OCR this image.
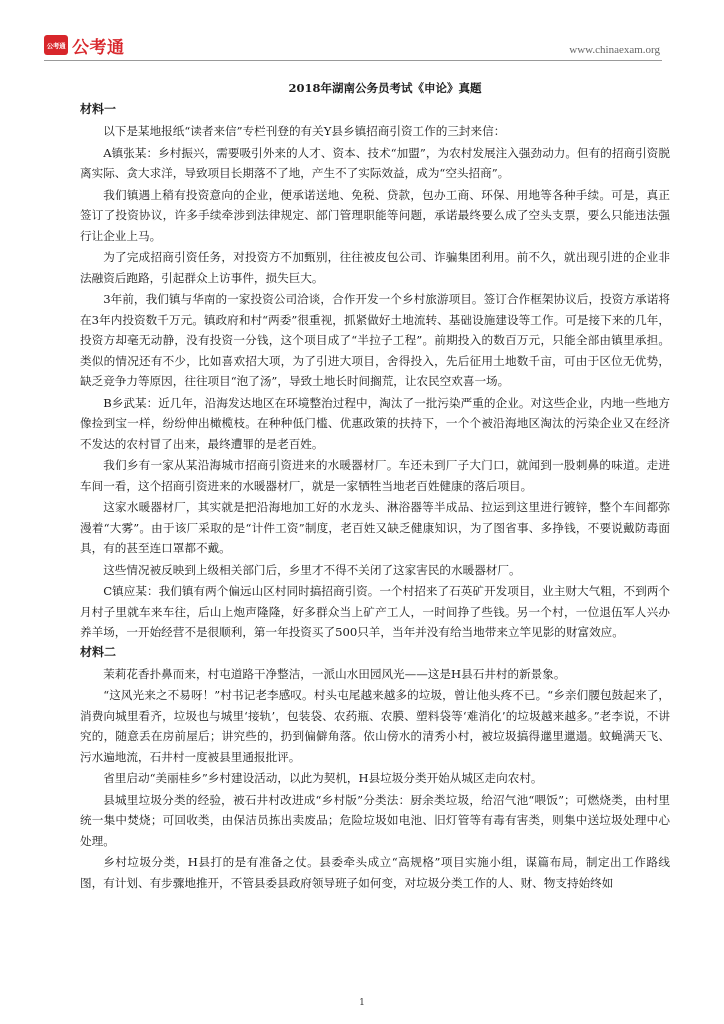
公考通 公考通	www.chinaexam.org
2018年湖南公务员考试《申论》真题
材料一

以下是某地报纸“读者来信”专栏刊登的有关Y县乡镇招商引资工作的三封来信：

A镇张某：乡村振兴，需要吸引外来的人才、资本、技术“加盟”，为农村发展注入强劲动力。但有的招商引资脱离实际、贪大求洋，导致项目长期落不了地，产生不了实际效益，成为“空头招商”。

我们镇遇上稍有投资意向的企业，便承诺送地、免税、贷款，包办工商、环保、用地等各种手续。可是，真正签订了投资协议，许多手续牵涉到法律规定、部门管理职能等问题，承诺最终要么成了空头支票，要么只能违法强行让企业上马。

为了完成招商引资任务，对投资方不加甄别，往往被皮包公司、诈骗集团利用。前不久，就出现引进的企业非法融资后跑路，引起群众上访事件，损失巨大。

3年前，我们镇与华南的一家投资公司洽谈，合作开发一个乡村旅游项目。签订合作框架协议后，投资方承诺将在3年内投资数千万元。镇政府和村“两委”很重视，抓紧做好土地流转、基础设施建设等工作。可是接下来的几年，投资方却毫无动静，没有投资一分钱，这个项目成了“半拉子工程”。前期投入的数百万元，只能全部由镇里承担。类似的情况还有不少，比如喜欢招大项，为了引进大项目，舍得投入，先后征用土地数千亩，可由于区位无优势，缺乏竞争力等原因，往往项目“泡了汤”，导致土地长时间搁荒，让农民空欢喜一场。

B乡武某：近几年，沿海发达地区在环境整治过程中，淘汰了一批污染严重的企业。对这些企业，内地一些地方像捡到宝一样，纷纷伸出橄榄枝。在种种低门槛、优惠政策的扶持下，一个个被沿海地区淘汰的污染企业又在经济不发达的农村冒了出来，最终遭罪的是老百姓。

我们乡有一家从某沿海城市招商引资进来的水暖器材厂。车还未到厂子大门口，就闻到一股刺鼻的味道。走进车间一看，这个招商引资进来的水暖器材厂，就是一家牺牲当地老百姓健康的落后项目。

这家水暖器材厂，其实就是把沿海地加工好的水龙头、淋浴器等半成品、拉运到这里进行镀锌，整个车间都弥漫着“大雾”。由于该厂采取的是“计件工资”制度，老百姓又缺乏健康知识，为了图省事、多挣钱，不要说戴防毒面具，有的甚至连口罩都不戴。

这些情况被反映到上级相关部门后，乡里才不得不关闭了这家害民的水暖器材厂。

C镇应某：我们镇有两个偏远山区村同时搞招商引资。一个村招来了石英矿开发项目，业主财大气粗，不到两个月村子里就车来车往，后山上炮声隆隆，好多群众当上矿产工人，一时间挣了些钱。另一个村，一位退伍军人兴办养羊场，一开始经营不是很顺利，第一年投资买了500只羊，当年并没有给当地带来立竿见影的财富效应。

材料二

茉莉花香扑鼻而来，村屯道路干净整洁，一派山水田园风光——这是H县石井村的新景象。

“这风光来之不易呀！”村书记老李感叹。村头屯尾越来越多的垃圾，曾让他头疼不已。“乡亲们腰包鼓起来了，消费向城里看齐，垃圾也与城里‘接轨’，包装袋、农药瓶、农膜、塑料袋等‘难消化’的垃圾越来越多。”老李说，不讲究的，随意丢在房前屋后；讲究些的，扔到偏僻角落。依山傍水的清秀小村，被垃圾搞得邋里邋遢。蚊蝇满天飞、污水遍地流，石井村一度被县里通报批评。

省里启动“美丽桂乡”乡村建设活动，以此为契机，H县垃圾分类开始从城区走向农村。

县城里垃圾分类的经验，被石井村改进成“乡村版”分类法：厨余类垃圾，给沼气池“喂饭”；可燃烧类，由村里统一集中焚烧；可回收类，由保洁员拣出卖废品；危险垃圾如电池、旧灯管等有毒有害类，则集中送垃圾处理中心处理。

乡村垃圾分类，H县打的是有准备之仗。县委牵头成立“高规格”项目实施小组，谋篇布局，制定出工作路线图，有计划、有步骤地推开，不管县委县政府领导班子如何变，对垃圾分类工作的人、财、物支持始终如

1
